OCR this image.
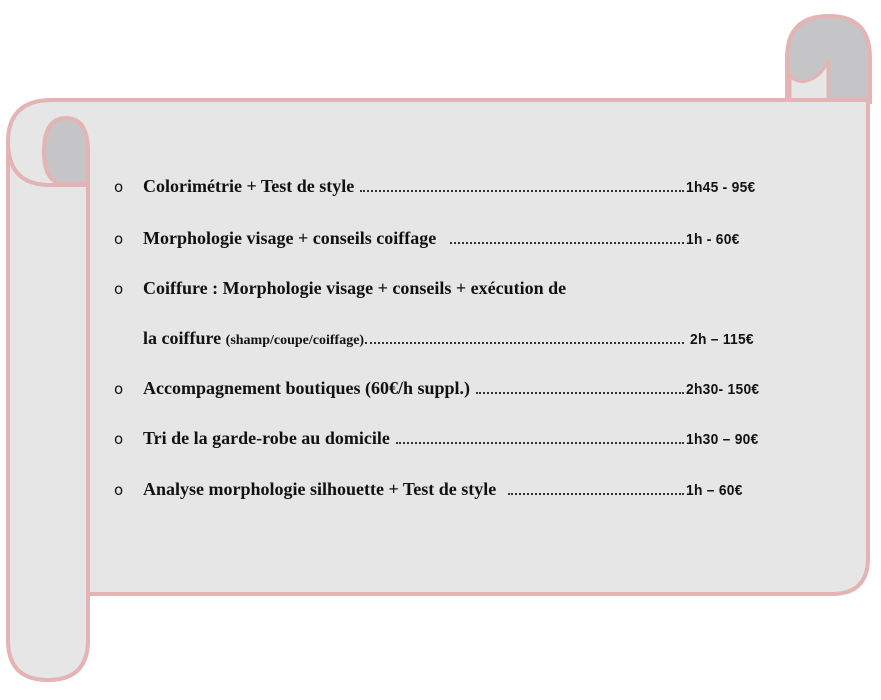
o	Colorimétrie + Test de style	1h45 - 95€
o	Morphologie visage + conseils coiffage	1h - 60€
o	Coiffure : Morphologie visage + conseils + exécution de
la coiffure
(shamp/coupe/coiffage)	2h – 115€
o	Accompagnement boutiques (60€/h suppl.)	2h30- 150€
o	Tri de la garde-robe au domicile	1h30 – 90€
o	Analyse morphologie silhouette + Test de style	1h – 60€
